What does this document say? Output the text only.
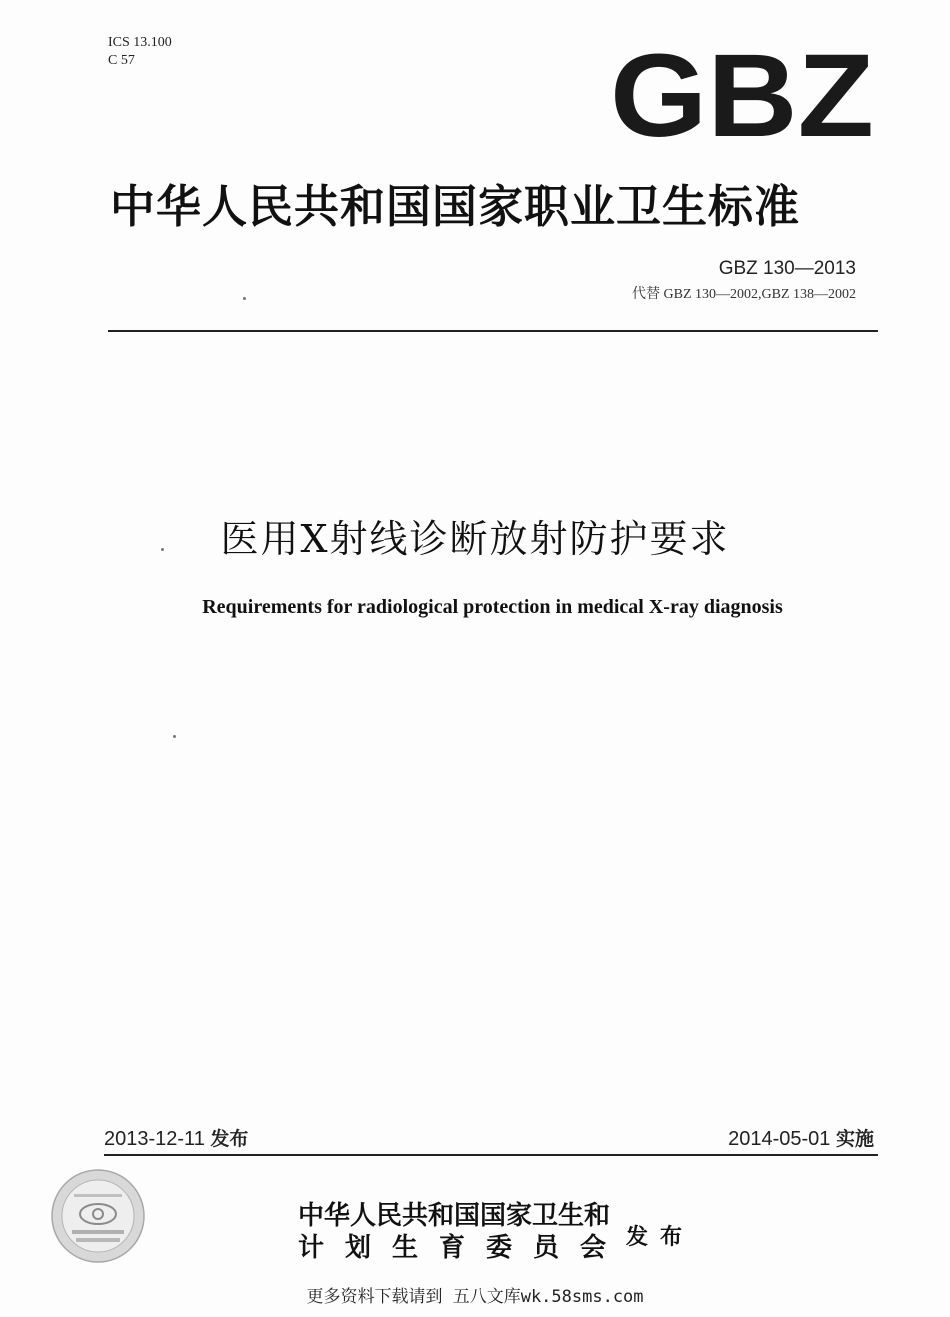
ICS 13.100
C 57	GBZ
中华人民共和国国家职业卫生标准
GBZ 130—2013
代替 GBZ 130—2002,GBZ 138—2002
医用X射线诊断放射防护要求
Requirements for radiological protection in medical X-ray diagnosis
2013-12-11 发布	2014-05-01 实施
中华人民共和国国家卫生和
计划生育委员会
发布
更多资料下载请到 五八文库wk.58sms.com
